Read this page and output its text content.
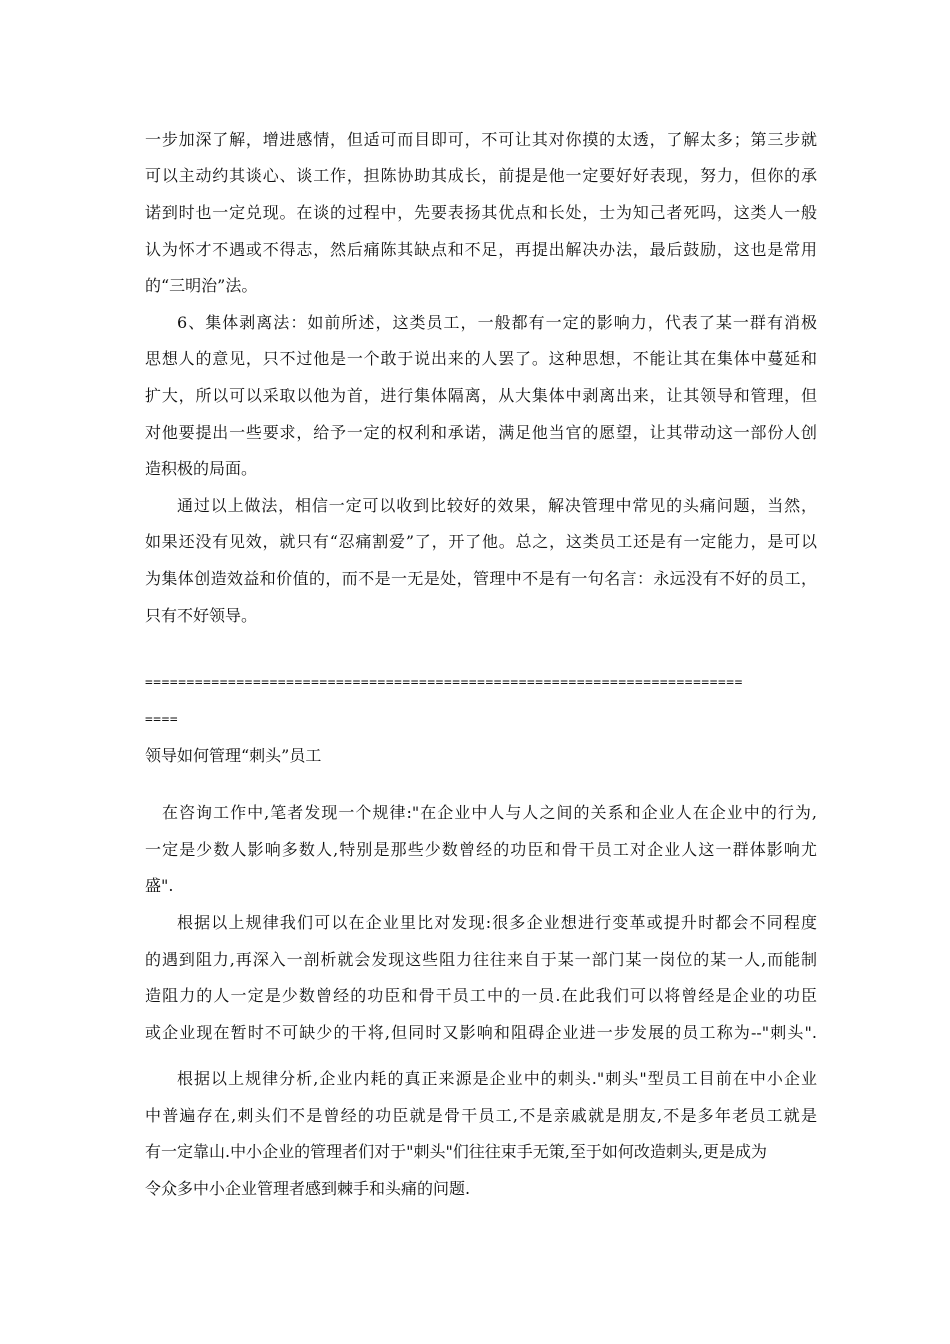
一步加深了解，增进感情，但适可而目即可，不可让其对你摸的太透，了解太多；第三步就
可以主动约其谈心、谈工作，担陈协助其成长，前提是他一定要好好表现，努力，但你的承
诺到时也一定兑现。在谈的过程中，先要表扬其优点和长处，士为知己者死吗，这类人一般
认为怀才不遇或不得志，然后痛陈其缺点和不足，再提出解决办法，最后鼓励，这也是常用
的“三明治”法。
6、集体剥离法：如前所述，这类员工，一般都有一定的影响力，代表了某一群有消极
思想人的意见，只不过他是一个敢于说出来的人罢了。这种思想，不能让其在集体中蔓延和
扩大，所以可以采取以他为首，进行集体隔离，从大集体中剥离出来，让其领导和管理，但
对他要提出一些要求，给予一定的权利和承诺，满足他当官的愿望，让其带动这一部份人创
造积极的局面。
通过以上做法，相信一定可以收到比较好的效果，解决管理中常见的头痛问题，当然，
如果还没有见效，就只有“忍痛割爱”了，开了他。总之，这类员工还是有一定能力，是可以
为集体创造效益和价值的，而不是一无是处，管理中不是有一句名言：永远没有不好的员工，
只有不好领导。
========================================================================
====
领导如何管理“刺头”员工
在咨询工作中,笔者发现一个规律:"在企业中人与人之间的关系和企业人在企业中的行为,
一定是少数人影响多数人,特别是那些少数曾经的功臣和骨干员工对企业人这一群体影响尤
盛".
根据以上规律我们可以在企业里比对发现:很多企业想进行变革或提升时都会不同程度
的遇到阻力,再深入一剖析就会发现这些阻力往往来自于某一部门某一岗位的某一人,而能制
造阻力的人一定是少数曾经的功臣和骨干员工中的一员.在此我们可以将曾经是企业的功臣
或企业现在暂时不可缺少的干将,但同时又影响和阻碍企业进一步发展的员工称为--"刺头".
根据以上规律分析,企业内耗的真正来源是企业中的刺头."刺头"型员工目前在中小企业
中普遍存在,刺头们不是曾经的功臣就是骨干员工,不是亲戚就是朋友,不是多年老员工就是
有一定靠山.中小企业的管理者们对于"刺头"们往往束手无策,至于如何改造刺头,更是成为
令众多中小企业管理者感到棘手和头痛的问题.
